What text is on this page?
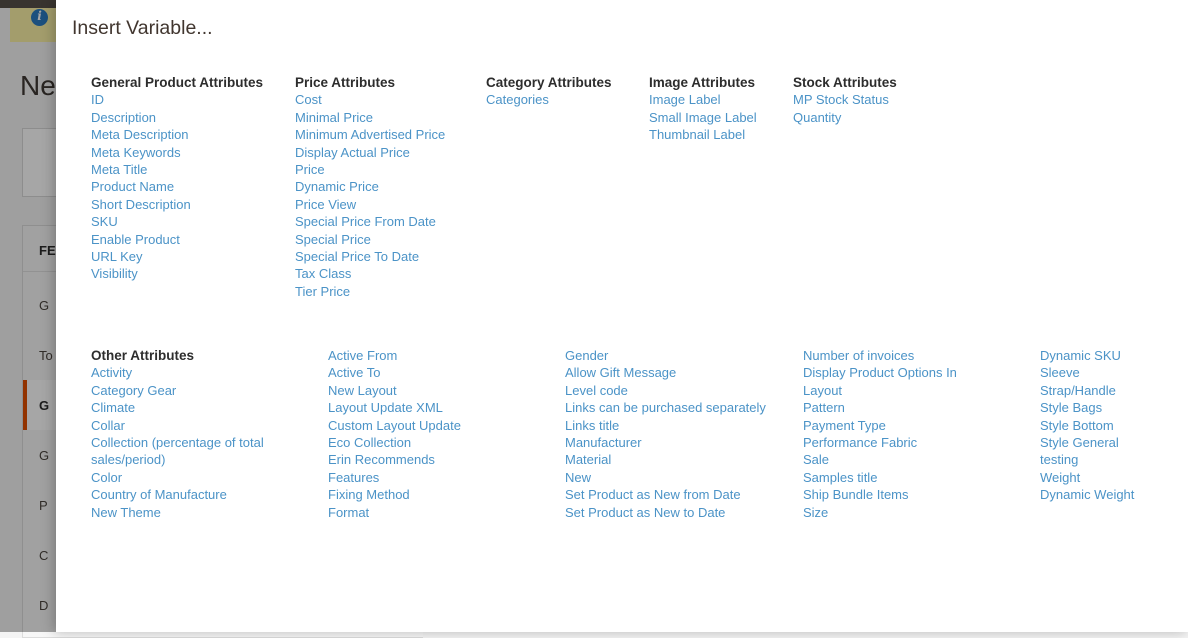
i
Ne
FE
G
To
G
G
P
C
D
Insert Variable...
General Product Attributes
ID
Description
Meta Description
Meta Keywords
Meta Title
Product Name
Short Description
SKU
Enable Product
URL Key
Visibility
Price Attributes
Cost
Minimal Price
Minimum Advertised Price
Display Actual Price
Price
Dynamic Price
Price View
Special Price From Date
Special Price
Special Price To Date
Tax Class
Tier Price
Category Attributes
Categories
Image Attributes
Image Label
Small Image Label
Thumbnail Label
Stock Attributes
MP Stock Status
Quantity
Other Attributes
Activity
Category Gear
Climate
Collar
Collection (percentage of total sales/period)
Color
Country of Manufacture
New Theme
Active From
Active To
New Layout
Layout Update XML
Custom Layout Update
Eco Collection
Erin Recommends
Features
Fixing Method
Format
Gender
Allow Gift Message
Level code
Links can be purchased separately
Links title
Manufacturer
Material
New
Set Product as New from Date
Set Product as New to Date
Number of invoices
Display Product Options In Layout
Pattern
Payment Type
Performance Fabric
Sale
Samples title
Ship Bundle Items
Size
Dynamic SKU
Sleeve
Strap/Handle
Style Bags
Style Bottom
Style General
testing
Weight
Dynamic Weight
